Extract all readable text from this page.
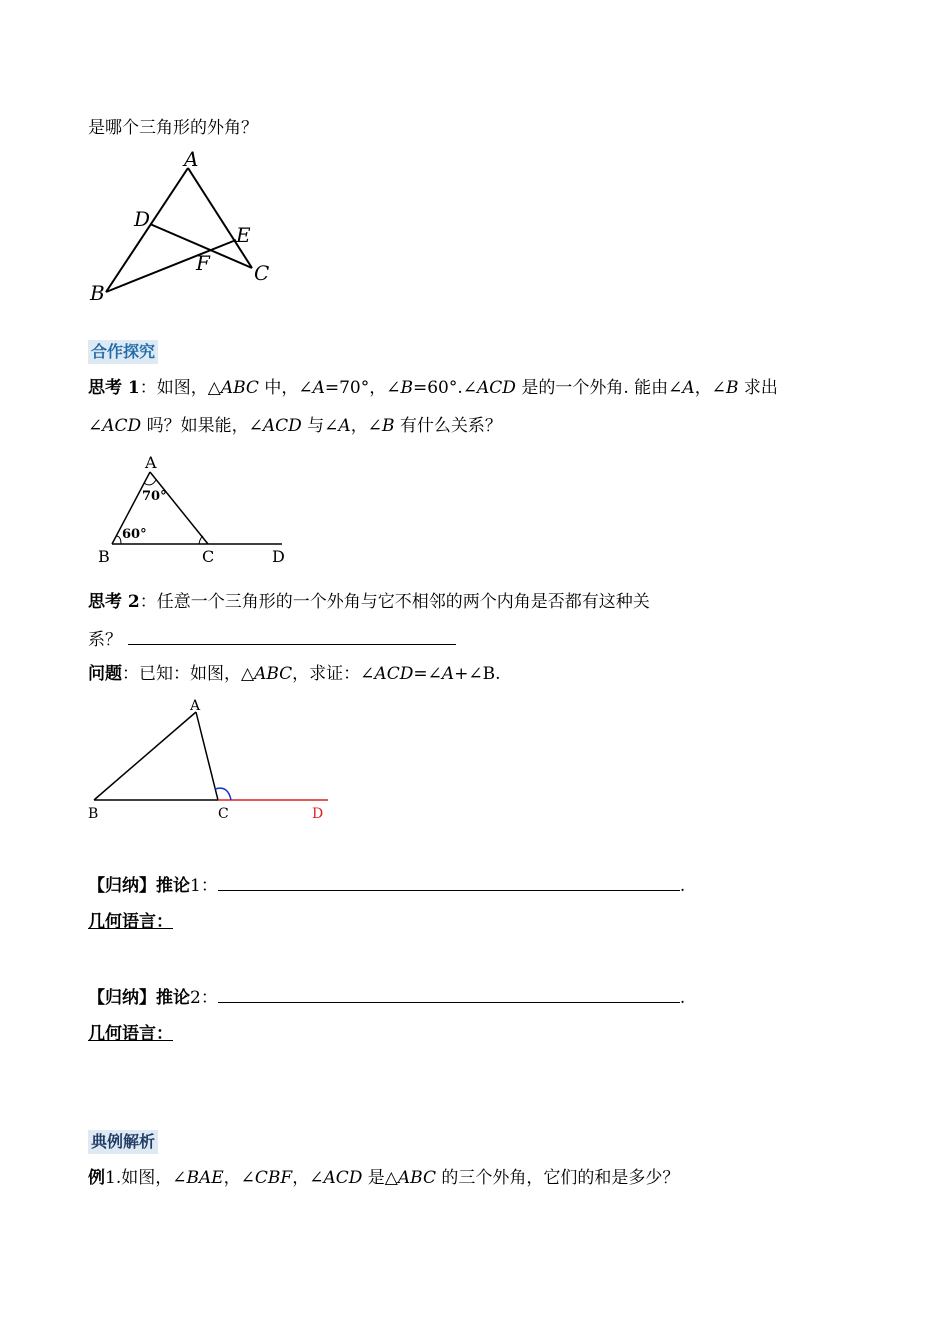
是哪个三角形的外角？
A
D
E
F C
B
合作探究
思考 1：如图，△ABC 中，∠A=70°，∠B=60°.∠ACD 是的一个外角. 能由∠A，∠B 求出
∠ACD 吗？如果能，∠ACD 与∠A，∠B 有什么关系？
A
70°
60°
B	C	D
思考 2：任意一个三角形的一个外角与它不相邻的两个内角是否都有这种关
系？
问题：已知：如图，△ABC，求证：∠ACD=∠A+∠B.
A
B	C	D
【归纳】推论1：	.
几何语言：
【归纳】推论2：	.
几何语言：
典例解析
例1.如图，∠BAE，∠CBF，∠ACD 是△ABC 的三个外角，它们的和是多少？
